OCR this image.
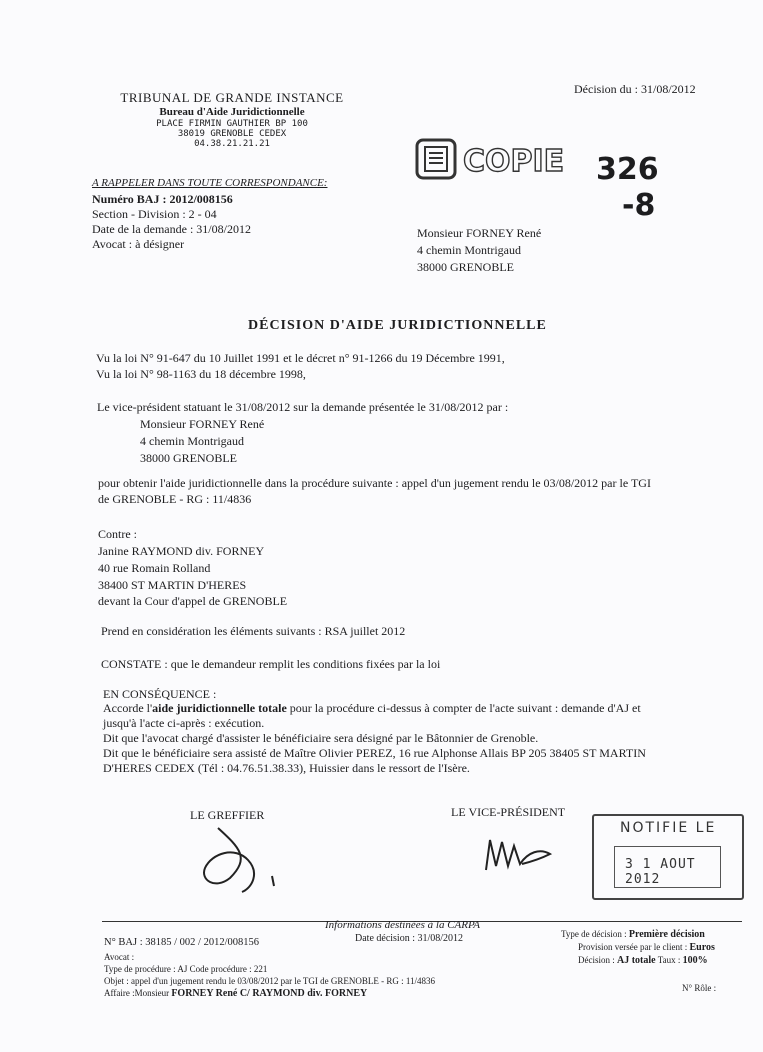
TRIBUNAL DE GRANDE INSTANCE
Bureau d'Aide Juridictionnelle
PLACE FIRMIN GAUTHIER BP 100
38019 GRENOBLE CEDEX
04.38.21.21.21
Décision du : 31/08/2012
COPIE 326
-8
A RAPPELER DANS TOUTE CORRESPONDANCE:
Numéro BAJ : 2012/008156
Section - Division : 2 - 04
Date de la demande : 31/08/2012
Avocat : à désigner
Monsieur FORNEY René
4 chemin Montrigaud
38000 GRENOBLE
DÉCISION D'AIDE JURIDICTIONNELLE
Vu la loi N° 91-647 du 10 Juillet 1991 et le décret n° 91-1266 du 19 Décembre 1991,
Vu la loi N° 98-1163 du 18 décembre 1998,
Le vice-président statuant le 31/08/2012 sur la demande présentée le 31/08/2012 par :
Monsieur FORNEY René
4 chemin Montrigaud
38000 GRENOBLE
pour obtenir l'aide juridictionnelle dans la procédure suivante : appel d'un jugement rendu le 03/08/2012 par le TGI
de GRENOBLE - RG : 11/4836
Contre :
Janine RAYMOND div. FORNEY
40 rue Romain Rolland
38400 ST MARTIN D'HERES
devant la Cour d'appel de GRENOBLE
Prend en considération les éléments suivants : RSA juillet 2012
CONSTATE : que le demandeur remplit les conditions fixées par la loi
EN CONSÉQUENCE :
Accorde l'aide juridictionnelle totale pour la procédure ci-dessus à compter de l'acte suivant : demande d'AJ et
jusqu'à l'acte ci-après : exécution.
Dit que l'avocat chargé d'assister le bénéficiaire sera désigné par le Bâtonnier de Grenoble.
Dit que le bénéficiaire sera assisté de Maître Olivier PEREZ, 16 rue Alphonse Allais BP 205 38405 ST MARTIN
D'HERES CEDEX (Tél : 04.76.51.38.33), Huissier dans le ressort de l'Isère.
LE GREFFIER	LE VICE-PRÉSIDENT
NOTIFIE LE
3 1 AOUT 2012
Informations destinées à la CARPA
Date décision : 31/08/2012
N° BAJ : 38185 / 002 / 2012/008156
Avocat :
Type de procédure : AJ Code procédure : 221
Objet : appel d'un jugement rendu le 03/08/2012 par le TGI de GRENOBLE - RG : 11/4836
Affaire :Monsieur FORNEY René C/ RAYMOND div. FORNEY
Type de décision : Première décision
Provision versée par le client : Euros
Décision : AJ totale Taux : 100%
N° Rôle :
